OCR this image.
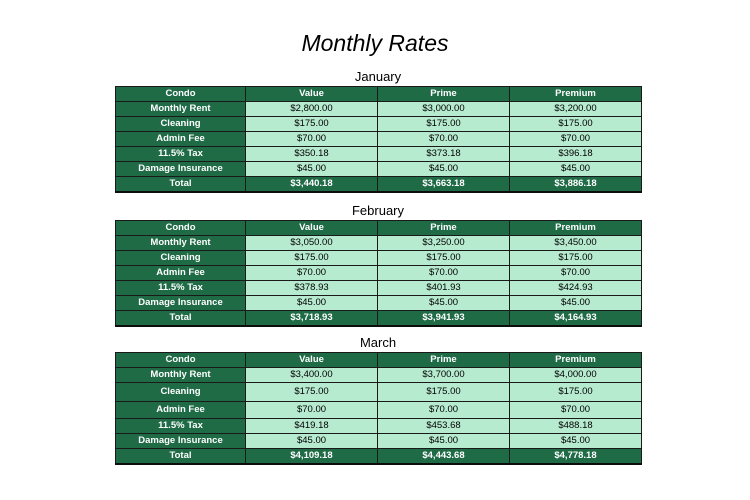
Monthly Rates
January
Condo	Value	Prime	Premium
Monthly Rent	$2,800.00	$3,000.00	$3,200.00
Cleaning	$175.00	$175.00	$175.00
Admin Fee	$70.00	$70.00	$70.00
11.5% Tax	$350.18	$373.18	$396.18
Damage Insurance	$45.00	$45.00	$45.00
Total	$3,440.18	$3,663.18	$3,886.18
February
Condo	Value	Prime	Premium
Monthly Rent	$3,050.00	$3,250.00	$3,450.00
Cleaning	$175.00	$175.00	$175.00
Admin Fee	$70.00	$70.00	$70.00
11.5% Tax	$378.93	$401.93	$424.93
Damage Insurance	$45.00	$45.00	$45.00
Total	$3,718.93	$3,941.93	$4,164.93
March
Condo	Value	Prime	Premium
Monthly Rent	$3,400.00	$3,700.00	$4,000.00
Cleaning	$175.00	$175.00	$175.00
Admin Fee	$70.00	$70.00	$70.00
11.5% Tax	$419.18	$453.68	$488.18
Damage Insurance	$45.00	$45.00	$45.00
Total	$4,109.18	$4,443.68	$4,778.18
